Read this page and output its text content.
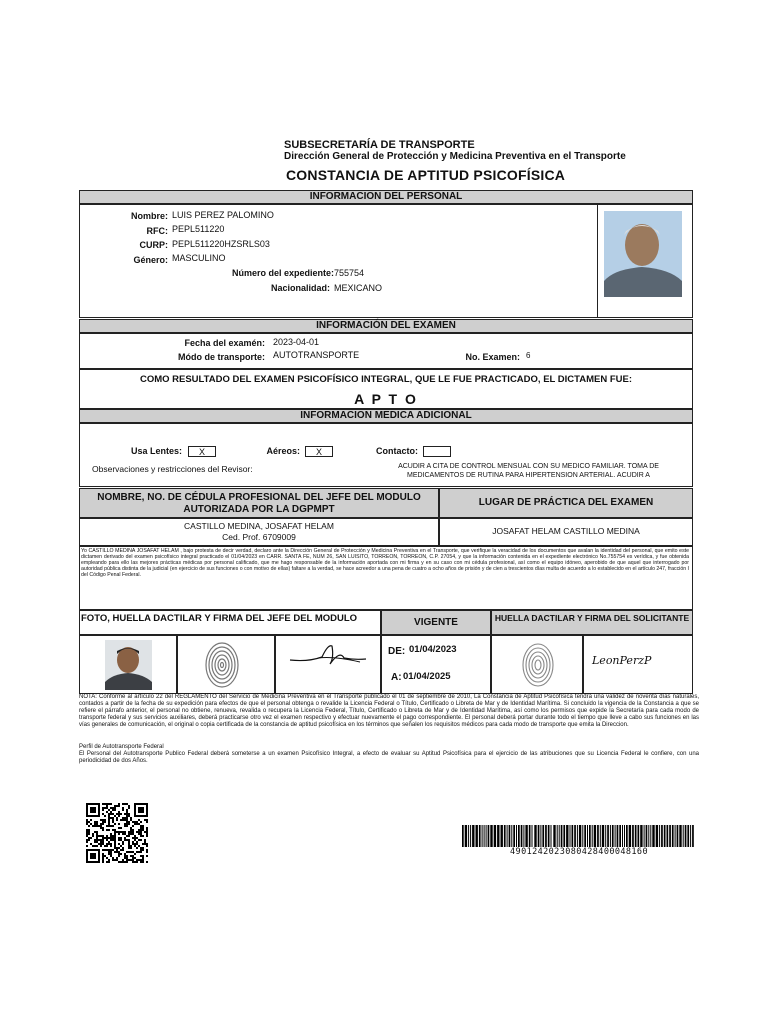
SUBSECRETARÍA DE TRANSPORTE
Dirección General de Protección y Medicina Preventiva en el Transporte
CONSTANCIA DE APTITUD PSICOFÍSICA
INFORMACION DEL PERSONAL
Nombre: LUIS PEREZ PALOMINO
RFC: PEPL511220
CURP: PEPL511220HZSRLS03
Género: MASCULINO
Número del expediente: 755754
Nacionalidad: MEXICANO
INFORMACIÓN DEL EXAMEN
Fecha del examén: 2023-04-01
Módo de transporte: AUTOTRANSPORTE	No. Examen: 6
COMO RESULTADO DEL EXAMEN PSICOFÍSICO INTEGRAL, QUE LE FUE PRACTICADO, EL DICTAMEN FUE:
A P T O
INFORMACION MEDICA ADICIONAL
Usa Lentes:	X	Aéreos:	X	Contacto:
Observaciones y restricciones del Revisor:	ACUDIR A CITA DE CONTROL MENSUAL CON SU MEDICO FAMILIAR. TOMA DE MEDICAMENTOS DE RUTINA PARA HIPERTENSION ARTERIAL. ACUDIR A
NOMBRE, NO. DE CÉDULA PROFESIONAL DEL JEFE DEL MODULO AUTORIZADA POR LA DGPMPT
LUGAR DE PRÁCTICA DEL EXAMEN
CASTILLO MEDINA, JOSAFAT HELAM
Ced. Prof. 6709009
JOSAFAT HELAM CASTILLO MEDINA
Yo CASTILLO MEDINA JOSAFAT HELAM , bajo protesta de decir verdad, declaro ante la Dirección General de Protección y Medicina Preventiva en el Transporte, que verifique la veracidad de los documentos que avalan la identidad del personal, que emito este dictamen derivado del examen psicofísico integral practicado el 01/04/2023 en CARR. SANTA FE, NUM 26, SAN LUISITO, TORREON, TORREON, C.P. 27054, y que la información contenida en el expediente electrónico No.755754 es verídica, y fue obtenida empleando para ello las mejores prácticas médicas por personal calificado, que me hago responsable de la información aportada con mi firma y en su caso con mi cédula profesional, así como el equipo idóneo, aperobido de que aquel que interrogado por autoridad pública distinta de la judicial (en ejercicio de sus funciones o con motivo de ellas) faltare a la verdad, se hace acreedor a una pena de cuatro a ocho años de prisión y de cien a trescientos días multa de acuerdo a lo establecido en el artículo 247, fracción I del Código Penal Federal.
FOTO, HUELLA DACTILAR Y FIRMA DEL JEFE DEL MODULO	VIGENTE	HUELLA DACTILAR Y FIRMA DEL SOLICITANTE
DE: 01/04/2023
A: 01/04/2025
LeonPerzP
NOTA: Conforme al artículo 22 del REGLAMENTO del Servicio de Medicina Preventiva en el Transporte publicado el 01 de septiembre de 2010, La Constancia de Aptitud Psicofísica tendrá una validez de noventa días naturales, contados a partir de la fecha de su expedición para efectos de que el personal obtenga o revalide la Licencia Federal o Título, Certificado o Libreta de Mar y de Identidad Marítima. Si concluido la vigencia de la Constancia a que se refiere el párrafo anterior, el personal no obtiene, renueva, revalida o recupera la Licencia Federal, Título, Certificado o Libreta de Mar y de Identidad Marítima, así como los permisos que expide la Secretaría para cada modo de transporte federal y sus servicios auxiliares, deberá practicarse otro vez el examen respectivo y efectuar nuevamente el pago correspondiente. El personal deberá portar durante todo el tiempo que lleve a cabo sus funciones en las vías generales de comunicación, el original o copia certificada de la constancia de aptitud psicofísica en los términos que señalen los requisitos médicos para cada modo de transporte que emita la Direccion.
Perfil de Autotransporte Federal
El Personal del Autotransporte Publico Federal deberá someterse a un examen Psicofísico Integral, a efecto de evaluar su Aptitud Psicofísica para el ejercicio de las atribuciones que su Licencia Federal le confiere, con una periodicidad de dos Años.
4901242023080428400048160
